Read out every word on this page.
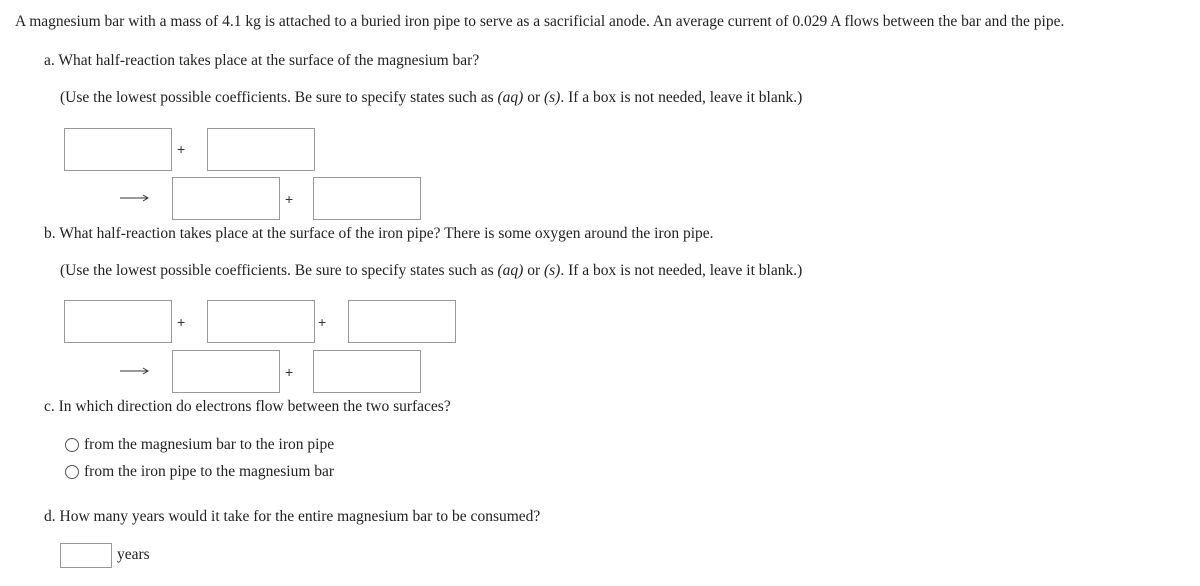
A magnesium bar with a mass of 4.1 kg is attached to a buried iron pipe to serve as a sacrificial anode. An average current of 0.029 A flows between the bar and the pipe.
a. What half-reaction takes place at the surface of the magnesium bar?
(Use the lowest possible coefficients. Be sure to specify states such as (aq) or (s). If a box is not needed, leave it blank.)
+
+
b. What half-reaction takes place at the surface of the iron pipe? There is some oxygen around the iron pipe.
(Use the lowest possible coefficients. Be sure to specify states such as (aq) or (s). If a box is not needed, leave it blank.)
+	+
+
c. In which direction do electrons flow between the two surfaces?
from the magnesium bar to the iron pipe
from the iron pipe to the magnesium bar
d. How many years would it take for the entire magnesium bar to be consumed?
years
